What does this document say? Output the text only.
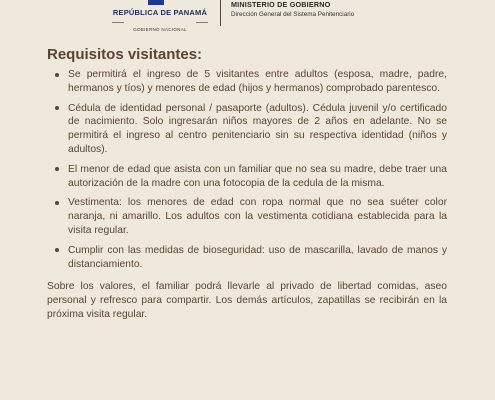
REPÚBLICA DE PANAMÁ
GOBIERNO NACIONAL
MINISTERIO DE GOBIERNO
Dirección General del Sistema Penitenciario
Requisitos visitantes:
Se permitirá el ingreso de 5 visitantes entre adultos (esposa, madre, padre, hermanos y tíos) y menores de edad (hijos y hermanos) comprobado parentesco.
Cédula de identidad personal / pasaporte (adultos). Cédula juvenil y/o certificado de nacimiento. Solo ingresarán niños mayores de 2 años en adelante. No se permitirá el ingreso al centro penitenciario sin su respectiva identidad (niños y adultos).
El menor de edad que asista con un familiar que no sea su madre, debe traer una autorización de la madre con una fotocopia de la cedula de la misma.
Vestimenta: los menores de edad con ropa normal que no sea suéter color naranja, ni amarillo. Los adultos con la vestimenta cotidiana establecida para la visita regular.
Cumplir con las medidas de bioseguridad: uso de mascarilla, lavado de manos y distanciamiento.

Sobre los valores, el familiar podrá llevarle al privado de libertad comidas, aseo personal y refresco para compartir. Los demás artículos, zapatillas se recibirán en la próxima visita regular.
